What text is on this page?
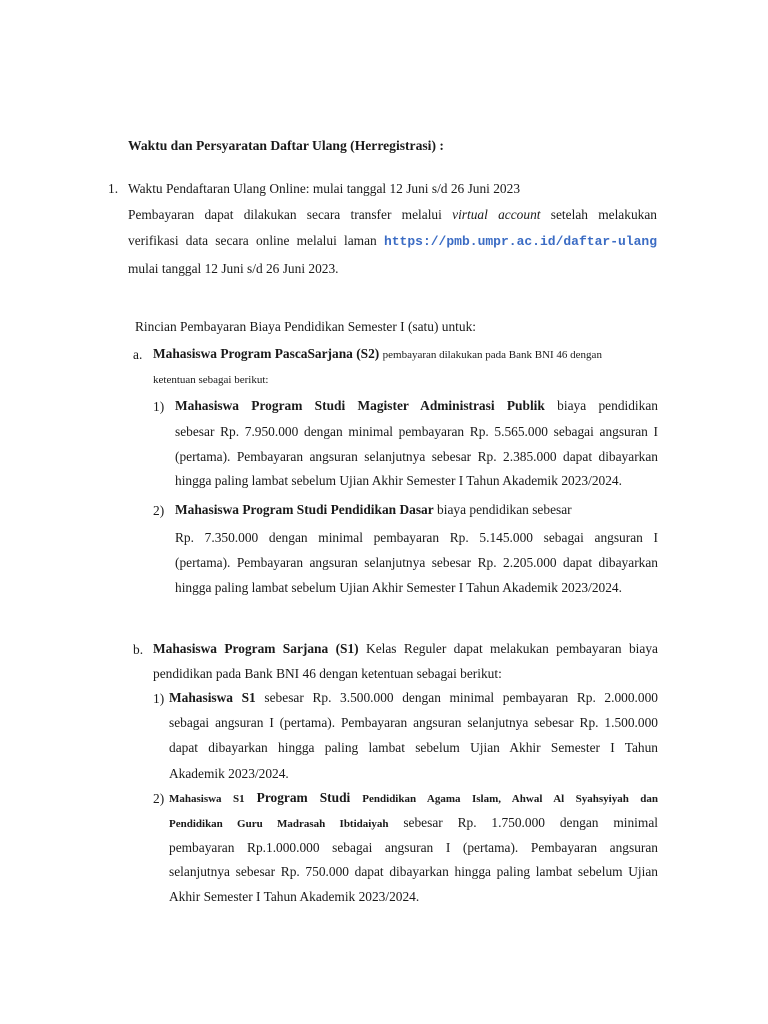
Waktu dan Persyaratan Daftar Ulang (Herregistrasi) :
1. Waktu Pendaftaran Ulang Online: mulai tanggal 12 Juni s/d 26 Juni 2023
Pembayaran dapat dilakukan secara transfer melalui virtual account setelah melakukan
verifikasi data secara online melalui laman https://pmb.umpr.ac.id/daftar-ulang
mulai tanggal 12 Juni s/d 26 Juni 2023.
Rincian Pembayaran Biaya Pendidikan Semester I (satu) untuk:
a. Mahasiswa Program PascaSarjana (S2) pembayaran dilakukan pada Bank BNI 46 dengan
ketentuan sebagai berikut:
1) Mahasiswa Program Studi Magister Administrasi Publik biaya pendidikan
sebesar Rp. 7.950.000 dengan minimal pembayaran Rp. 5.565.000 sebagai angsuran I
(pertama). Pembayaran angsuran selanjutnya sebesar Rp. 2.385.000 dapat dibayarkan
hingga paling lambat sebelum Ujian Akhir Semester I Tahun Akademik 2023/2024.
2) Mahasiswa Program Studi Pendidikan Dasar biaya pendidikan sebesar
Rp. 7.350.000 dengan minimal pembayaran Rp. 5.145.000 sebagai angsuran I
(pertama). Pembayaran angsuran selanjutnya sebesar Rp. 2.205.000 dapat dibayarkan
hingga paling lambat sebelum Ujian Akhir Semester I Tahun Akademik 2023/2024.
b. Mahasiswa Program Sarjana (S1) Kelas Reguler dapat melakukan pembayaran biaya
pendidikan pada Bank BNI 46 dengan ketentuan sebagai berikut:
1) Mahasiswa S1 sebesar Rp. 3.500.000 dengan minimal pembayaran Rp. 2.000.000
sebagai angsuran I (pertama). Pembayaran angsuran selanjutnya sebesar Rp. 1.500.000
dapat dibayarkan hingga paling lambat sebelum Ujian Akhir Semester I Tahun
Akademik 2023/2024.
2) Mahasiswa S1 Program Studi Pendidikan Agama Islam, Ahwal Al Syahsyiyah dan
Pendidikan Guru Madrasah Ibtidaiyah sebesar Rp. 1.750.000 dengan minimal
pembayaran Rp.1.000.000 sebagai angsuran I (pertama). Pembayaran angsuran
selanjutnya sebesar Rp. 750.000 dapat dibayarkan hingga paling lambat sebelum Ujian
Akhir Semester I Tahun Akademik 2023/2024.
